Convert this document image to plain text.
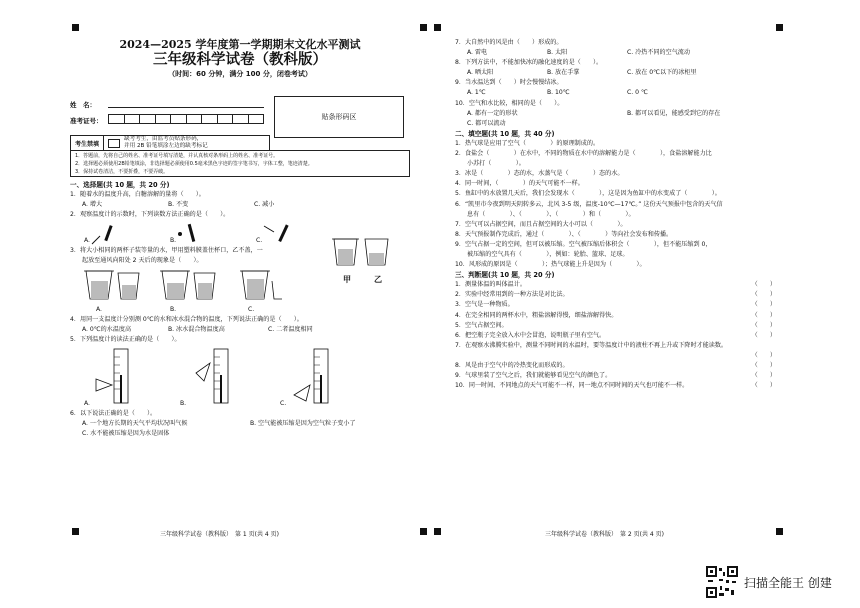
2024—2025 学年度第一学期期末文化水平测试
三年级科学试卷（教科版）
（时间：60 分钟，满分 100 分，闭卷考试）
姓　名：
准考证号：	贴条形码区
考生禁填
缺考考生，由监考员贴条形码，
并用 2B 铅笔填涂左边的缺考标记
1．答题前，先将自己的姓名、准考证号填写清楚，并认真核对条形码上的姓名、准考证号。
2．选择题必须使用2B铅笔填涂，非选择题必须使用0.5毫米黑色字迹的签字笔书写，字体工整，笔迹清楚。
3．保持试卷清洁，不要折叠，不要弄破。
一、选择题(共 10 题，共 20 分)
1．随着水的温度升高，白糖溶解的量将（　　）。
A. 增大	B. 不变	C. 减小
2．观察温度计的示数时，下列读数方法正确的是（　　）。
A.	B.	C.
3．将大小相同的两杯子装等量的水，甲用塑料膜盖住杯口，乙不盖，一
起放至通风向阳处 2 天后的现象是（　　）。
A.	B.	C.
甲	乙
4．用同一支温度计分别测 0℃的水和冰水混合物的温度，下列说法正确的是（　　）。
A. 0℃的水温度高	B. 冰水混合物温度高	C. 二者温度相同
5．下列温度计的读法正确的是（　　）。
A.	B.	C.
6．以下说法正确的是（　　）。
A. 一个地方长期的天气平均状况叫气候	B. 空气能被压缩是因为空气粒子变小了
C. 水不能被压缩是因为水是固体
三年级科学试卷（教科版）　第 1 页(共 4 页)
7．大自然中的风是由（　　）形成的。
A. 雷电	B. 太阳	C. 冷热不同的空气流动
8．下列方法中，不能加快冰的融化速度的是（　　）。
A. 晒太阳	B. 放在手掌	C. 放在 0℃以下的冰柜里
9．当水温达到（　　）时会慢慢结冰。
A. 1℃	B. 10℃	C. 0 ℃
10．空气和水比较，相同的是（　　）。
A. 都有一定的形状	B. 都可以看见，能感受到它的存在
C. 都可以流动
二、填空题(共 10 题，共 40 分)
1．热气球是应用了空气（　　　　）的原理制成的。
2．食盐会（　　　　）在水中，不同的物质在水中的溶解能力是（　　　　），食盐溶解能力比
小苏打（　　　　）。
3．冰是（　　　　）态的水，水蒸气是（　　　　）态的水。
4．同一时间，（　　　　）的天气可能不一样。
5．鱼缸中的水放置几天后，我们会发现水（　　　　），这是因为鱼缸中的水变成了（　　　　）。
6．“凯里市今夜到明天阴转多云，北风 3-5 级，温度-10℃—17℃。” 这份天气预报中包含的天气信
息有（　　　　）、（　　　　）、（　　　　）和（　　　　）。
7．空气可以占据空间，而且占据空间的大小可以（　　　　）。
8．天气预报制作完成后，通过（　　　　）、（　　　　）等向社会发布和传播。
9．空气占据一定的空间，但可以被压缩。空气被压缩后体积会（　　　　），但不能压缩到 0，
被压缩的空气具有（　　　　），例如：轮胎、篮球、足球。
10．风形成的原因是（　　　　）；热气球能上升是因为（　　　　）。
三、判断题(共 10 题，共 20 分)
1．测量体温的叫体温计。	（　　）
2．实验中经常用到的一种方法是对比法。	（　　）
3．空气是一种物质。	（　　）
4．在完全相同的两杯水中，粗盐溶解得慢，细盐溶解得快。	（　　）
5．空气占据空间。	（　　）
6．把空瓶子完全放入水中会冒泡，说明瓶子里有空气。	（　　）
7．在观察水沸腾实验中，测量不同时间的水温时，要等温度计中的液柱不再上升或下降时才能读数。
（　　）
8．风是由于空气中的冷热变化而形成的。	（　　）
9．气球里装了空气之后，我们就能够看见空气的颜色了。	（　　）
10．同一时间、不同地点的天气可能不一样，同一地点不同时间的天气也可能不一样。	（　　）
三年级科学试卷（教科版）　第 2 页(共 4 页)
扫描全能王 创建
